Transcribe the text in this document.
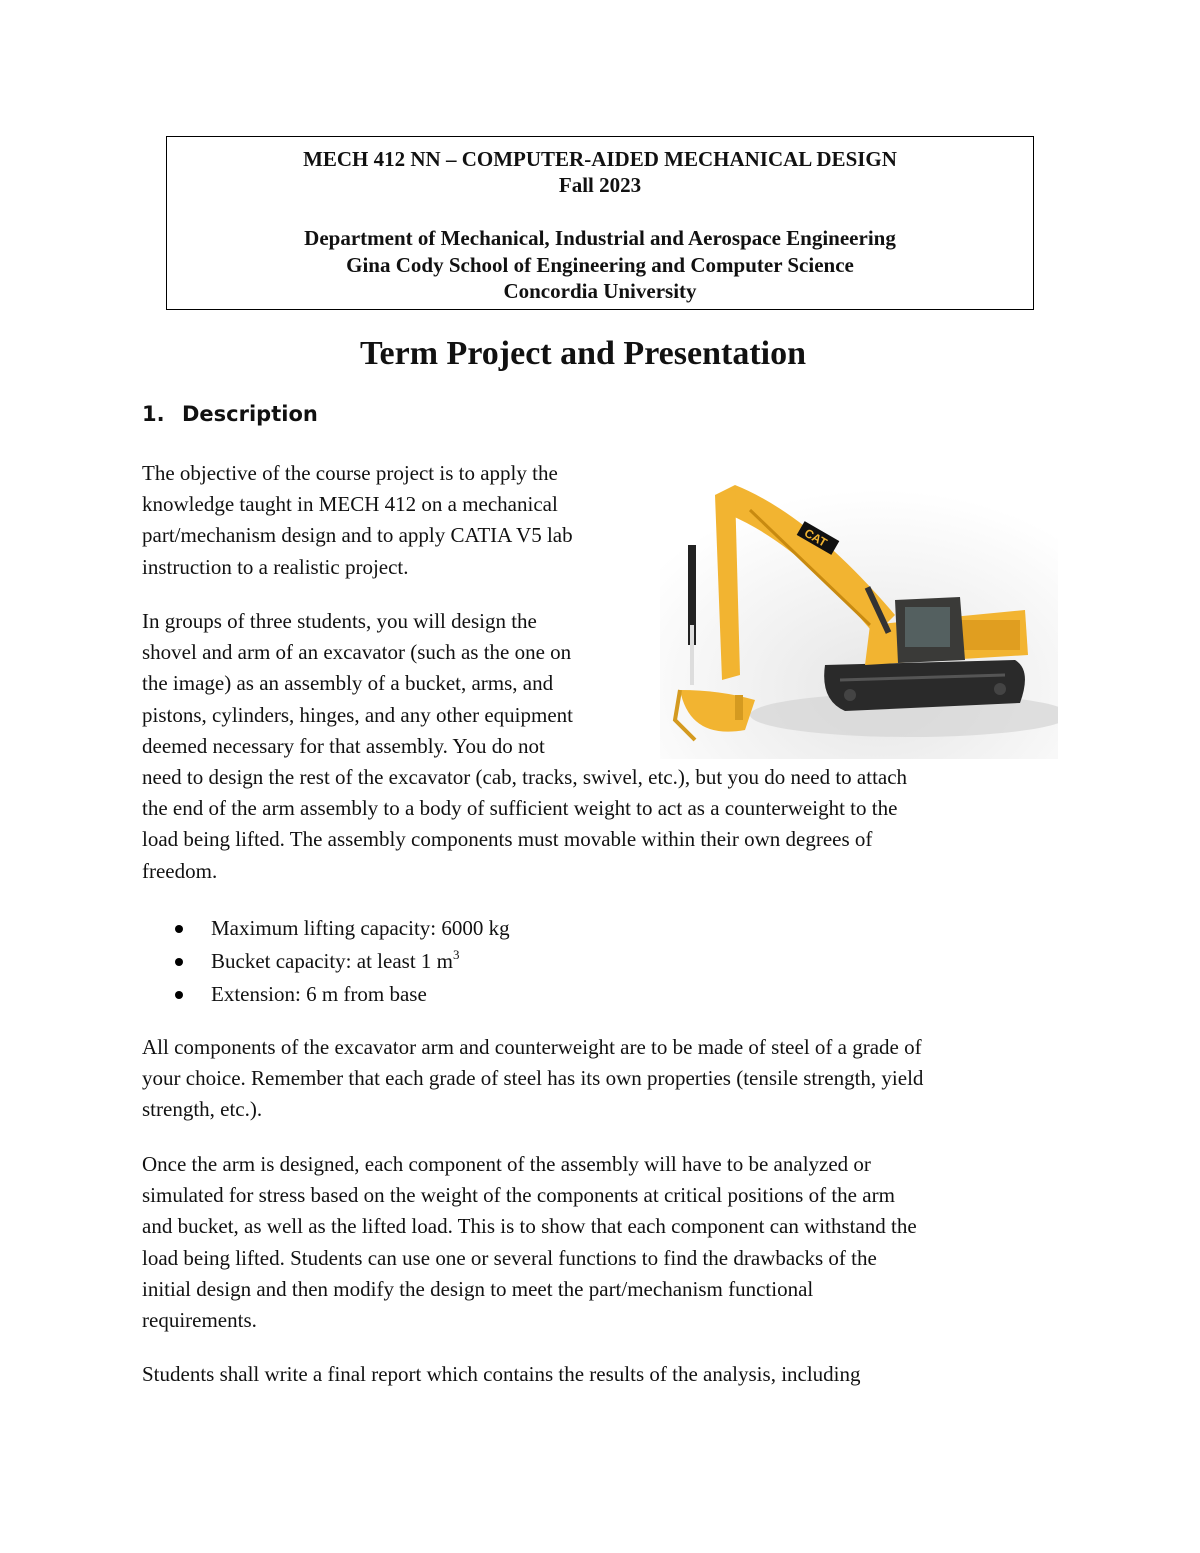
MECH 412 NN – COMPUTER-AIDED MECHANICAL DESIGN
Fall 2023
Department of Mechanical, Industrial and Aerospace Engineering
Gina Cody School of Engineering and Computer Science
Concordia University
Term Project and Presentation
1. Description
The objective of the course project is to apply the
knowledge taught in MECH 412 on a mechanical
part/mechanism design and to apply CATIA V5 lab
instruction to a realistic project.
In groups of three students, you will design the
shovel and arm of an excavator (such as the one on
the image) as an assembly of a bucket, arms, and
pistons, cylinders, hinges, and any other equipment
deemed necessary for that assembly. You do not
need to design the rest of the excavator (cab, tracks, swivel, etc.), but you do need to attach
the end of the arm assembly to a body of sufficient weight to act as a counterweight to the
load being lifted. The assembly components must movable within their own degrees of
freedom.
CAT
Maximum lifting capacity: 6000 kg
Bucket capacity: at least 1 $m^3$
Extension: 6 m from base
All components of the excavator arm and counterweight are to be made of steel of a grade of
your choice. Remember that each grade of steel has its own properties (tensile strength, yield
strength, etc.).
Once the arm is designed, each component of the assembly will have to be analyzed or
simulated for stress based on the weight of the components at critical positions of the arm
and bucket, as well as the lifted load. This is to show that each component can withstand the
load being lifted. Students can use one or several functions to find the drawbacks of the
initial design and then modify the design to meet the part/mechanism functional
requirements.
Students shall write a final report which contains the results of the analysis, including
